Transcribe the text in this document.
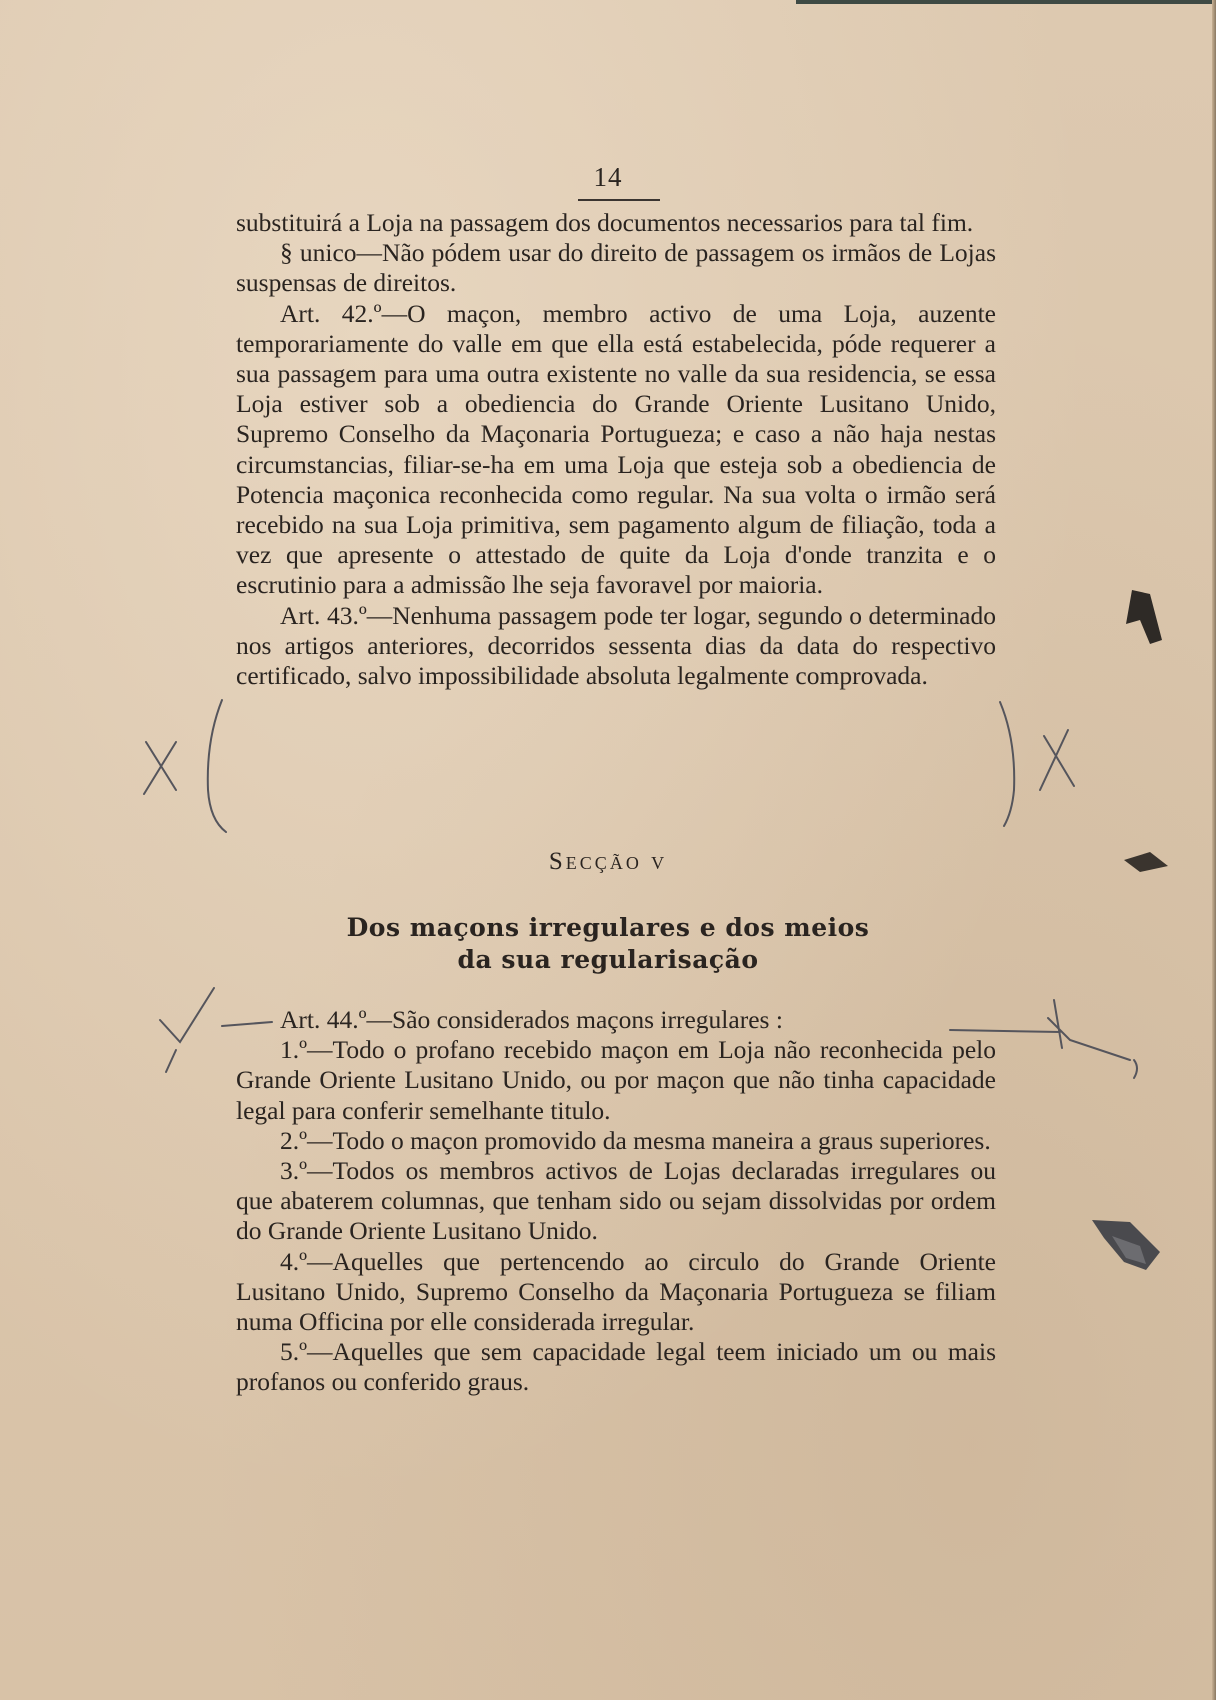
14

substituirá a Loja na passagem dos documentos necessarios para tal fim.

§ unico—Não pódem usar do direito de passagem os irmãos de Lojas suspensas de direitos.

Art. 42.º—O maçon, membro activo de uma Loja, auzente temporariamente do valle em que ella está estabelecida, póde requerer a sua passagem para uma outra existente no valle da sua residencia, se essa Loja estiver sob a obediencia do Grande Oriente Lusitano Unido, Supremo Conselho da Maçonaria Portugueza; e caso a não haja nestas circumstancias, filiar-se-ha em uma Loja que esteja sob a obediencia de Potencia maçonica reconhecida como regular. Na sua volta o irmão será recebido na sua Loja primitiva, sem pagamento algum de filiação, toda a vez que apresente o attestado de quite da Loja d'onde tranzita e o escrutinio para a admissão lhe seja favoravel por maioria.

Art. 43.º—Nenhuma passagem pode ter logar, segundo o determinado nos artigos anteriores, decorridos sessenta dias da data do respectivo certificado, salvo impossibilidade absoluta legalmente comprovada.

Secção v
Dos maçons irregulares e dos meios
da sua regularisação

Art. 44.º—São considerados maçons irregulares :

1.º—Todo o profano recebido maçon em Loja não reconhecida pelo Grande Oriente Lusitano Unido, ou por maçon que não tinha capacidade legal para conferir semelhante titulo.

2.º—Todo o maçon promovido da mesma maneira a graus superiores.

3.º—Todos os membros activos de Lojas declaradas irregulares ou que abaterem columnas, que tenham sido ou sejam dissolvidas por ordem do Grande Oriente Lusitano Unido.

4.º—Aquelles que pertencendo ao circulo do Grande Oriente Lusitano Unido, Supremo Conselho da Maçonaria Portugueza se filiam numa Officina por elle considerada irregular.

5.º—Aquelles que sem capacidade legal teem iniciado um ou mais profanos ou conferido graus.
